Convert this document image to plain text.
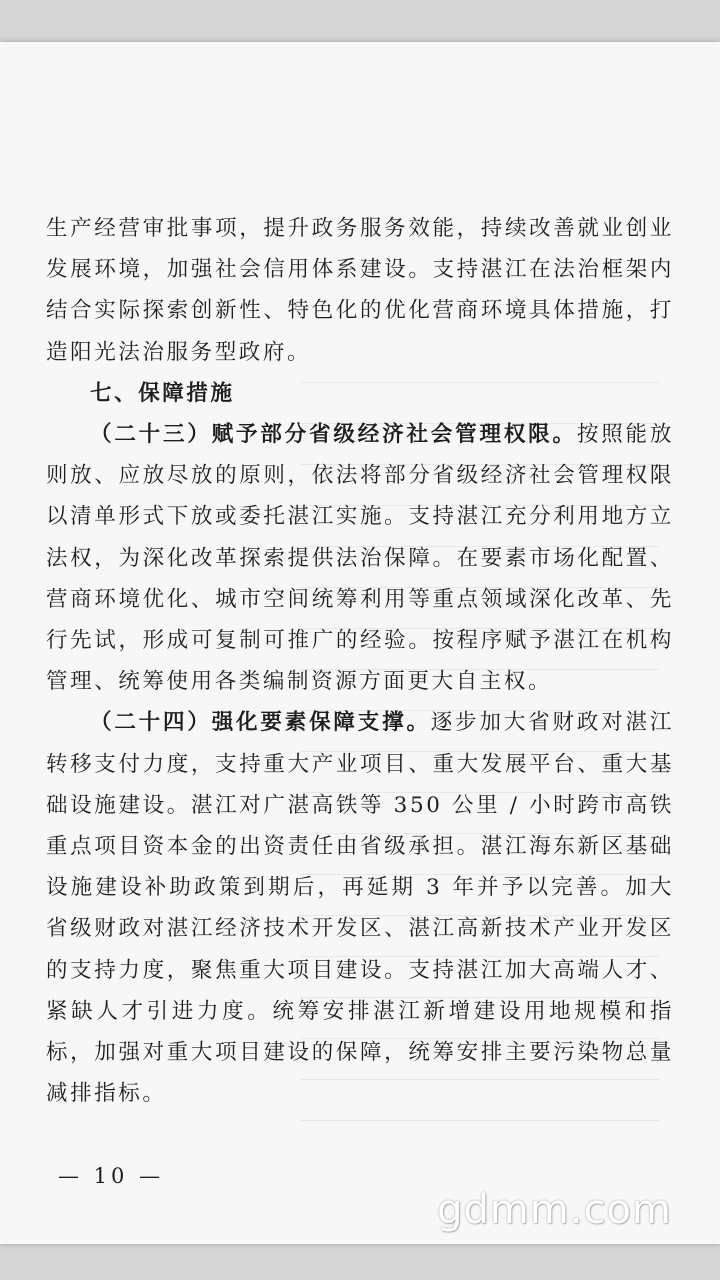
生产经营审批事项，提升政务服务效能，持续改善就业创业发展环境，加强社会信用体系建设。支持湛江在法治框架内结合实际探索创新性、特色化的优化营商环境具体措施，打造阳光法治服务型政府。

七、保障措施

（二十三）赋予部分省级经济社会管理权限。按照能放则放、应放尽放的原则，依法将部分省级经济社会管理权限以清单形式下放或委托湛江实施。支持湛江充分利用地方立法权，为深化改革探索提供法治保障。在要素市场化配置、营商环境优化、城市空间统筹利用等重点领域深化改革、先行先试，形成可复制可推广的经验。按程序赋予湛江在机构管理、统筹使用各类编制资源方面更大自主权。

（二十四）强化要素保障支撑。逐步加大省财政对湛江转移支付力度，支持重大产业项目、重大发展平台、重大基础设施建设。湛江对广湛高铁等 350 公里 / 小时跨市高铁重点项目资本金的出资责任由省级承担。湛江海东新区基础设施建设补助政策到期后，再延期 3 年并予以完善。加大省级财政对湛江经济技术开发区、湛江高新技术产业开发区的支持力度，聚焦重大项目建设。支持湛江加大高端人才、紧缺人才引进力度。统筹安排湛江新增建设用地规模和指标，加强对重大项目建设的保障，统筹安排主要污染物总量减排指标。

— 10 —
gdmm.com
